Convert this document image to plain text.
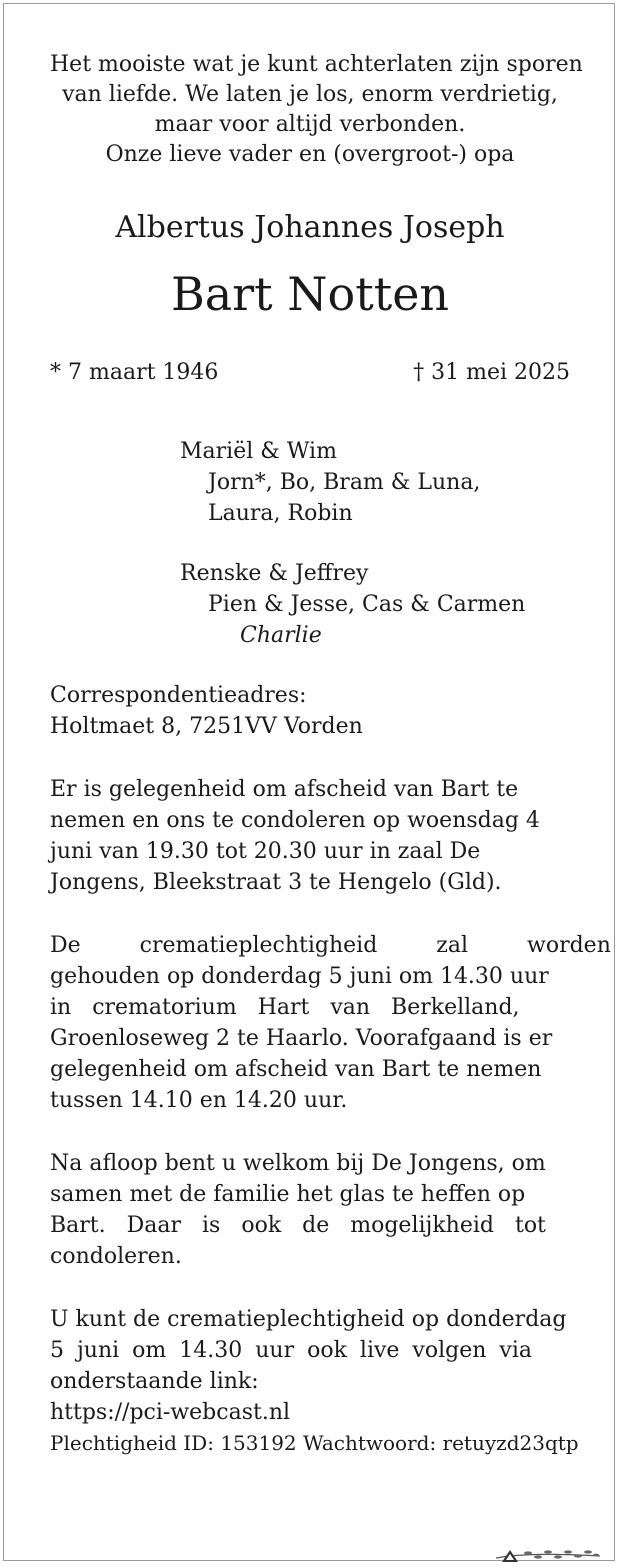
Het mooiste wat je kunt achterlaten zijn sporen
van liefde. We laten je los, enorm verdrietig,
maar voor altijd verbonden.
Onze lieve vader en (overgroot-) opa
Albertus Johannes Joseph
Bart Notten
* 7 maart 1946	† 31 mei 2025
Mariël & Wim
Jorn*, Bo, Bram & Luna,
Laura, Robin
Renske & Jeffrey
Pien & Jesse, Cas & Carmen
Charlie
Correspondentieadres:
Holtmaet 8, 7251VV Vorden
Er is gelegenheid om afscheid van Bart te
nemen en ons te condoleren op woensdag 4
juni van 19.30 tot 20.30 uur in zaal De
Jongens, Bleekstraat 3 te Hengelo (Gld).
De crematieplechtigheid zal worden
gehouden op donderdag 5 juni om 14.30 uur
in crematorium Hart van Berkelland,
Groenloseweg 2 te Haarlo. Voorafgaand is er
gelegenheid om afscheid van Bart te nemen
tussen 14.10 en 14.20 uur.
Na afloop bent u welkom bij De Jongens, om
samen met de familie het glas te heffen op
Bart. Daar is ook de mogelijkheid tot
condoleren.
U kunt de crematieplechtigheid op donderdag
5 juni om 14.30 uur ook live volgen via
onderstaande link:
https://pci-webcast.nl
Plechtigheid ID: 153192 Wachtwoord: retuyzd23qtp
